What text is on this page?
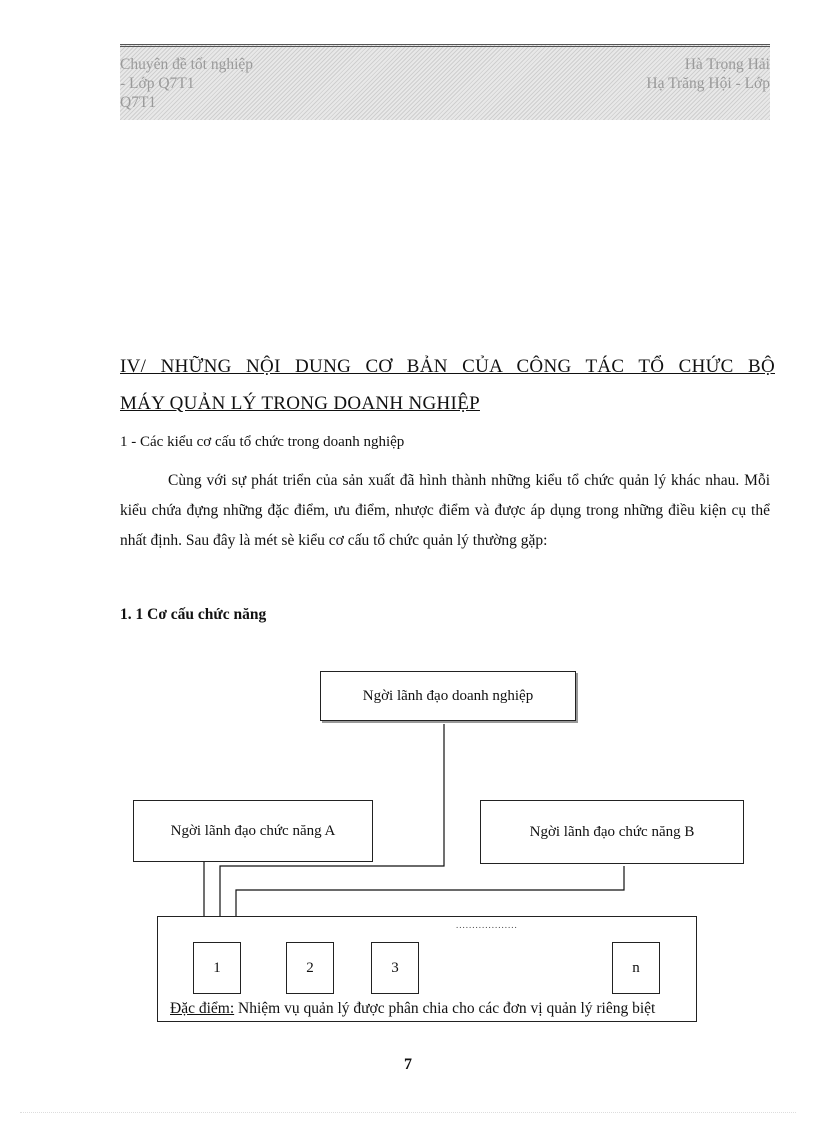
Chuyên đề tốt nghiệp
- Lớp Q7T1
Q7T1
Hà Trọng Hải
Hạ Trăng Hội - Lớp
IV/ NHỮNG NỘI DUNG CƠ BẢN CỦA CÔNG TÁC TỔ CHỨC BỘ
MÁY QUẢN LÝ TRONG DOANH NGHIỆP

1 - Các kiểu cơ cấu tổ chức trong doanh nghiệp

Cùng với sự phát triển của sản xuất đã hình thành những kiểu tổ chức quản lý khác nhau. Mỗi kiểu chứa đựng những đặc điểm, ưu điểm, nhược điểm và được áp dụng trong những điều kiện cụ thể nhất định. Sau đây là mét sè kiểu cơ cấu tổ chức quản lý thường gặp:

1. 1 Cơ cấu chức năng

Ngời lãnh đạo doanh nghiệp
Ngời lãnh đạo chức năng A	Ngời lãnh đạo chức năng B
...................
1	2	3	n
Đặc điểm: Nhiệm vụ quản lý được phân chia cho các đơn vị quản lý riêng biệt
7
